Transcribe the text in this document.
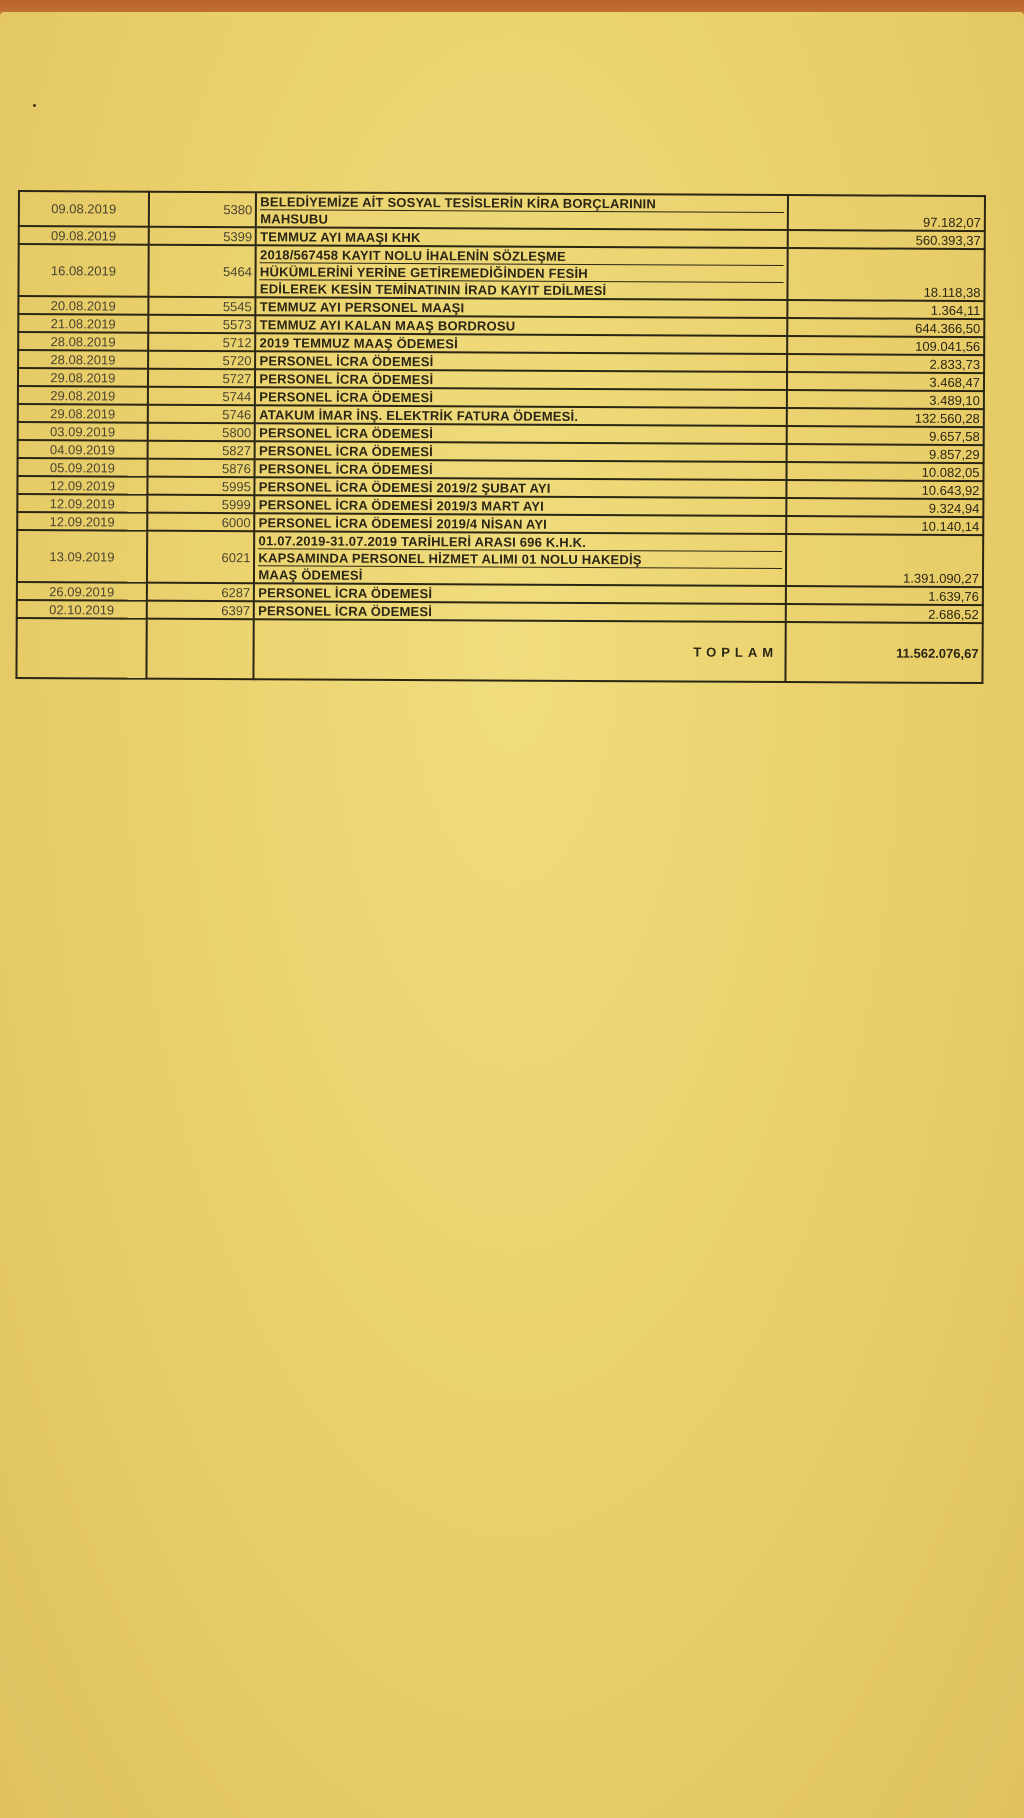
09.08.2019	5380	BELEDİYEMİZE AİT SOSYAL TESİSLERİN KİRA BORÇLARININ
MAHSUBU	97.182,07
09.08.2019	5399	TEMMUZ AYI MAAŞI KHK	560.393,37
16.08.2019	5464	2018/567458 KAYIT NOLU İHALENİN SÖZLEŞME
HÜKÜMLERİNİ YERİNE GETİREMEDİĞİNDEN FESİH
EDİLEREK KESİN TEMİNATININ İRAD KAYIT EDİLMESİ	18.118,38
20.08.2019	5545	TEMMUZ AYI PERSONEL MAAŞI	1.364,11
21.08.2019	5573	TEMMUZ AYI KALAN MAAŞ BORDROSU	644.366,50
28.08.2019	5712	2019 TEMMUZ MAAŞ ÖDEMESİ	109.041,56
28.08.2019	5720	PERSONEL İCRA ÖDEMESİ	2.833,73
29.08.2019	5727	PERSONEL İCRA ÖDEMESİ	3.468,47
29.08.2019	5744	PERSONEL İCRA ÖDEMESİ	3.489,10
29.08.2019	5746	ATAKUM İMAR İNŞ. ELEKTRİK FATURA ÖDEMESİ.	132.560,28
03.09.2019	5800	PERSONEL İCRA ÖDEMESİ	9.657,58
04.09.2019	5827	PERSONEL İCRA ÖDEMESİ	9.857,29
05.09.2019	5876	PERSONEL İCRA ÖDEMESİ	10.082,05
12.09.2019	5995	PERSONEL İCRA ÖDEMESİ 2019/2 ŞUBAT AYI	10.643,92
12.09.2019	5999	PERSONEL İCRA ÖDEMESİ 2019/3 MART AYI	9.324,94
12.09.2019	6000	PERSONEL İCRA ÖDEMESİ 2019/4 NİSAN AYI	10.140,14
13.09.2019	6021	01.07.2019-31.07.2019 TARİHLERİ ARASI 696 K.H.K.
KAPSAMINDA PERSONEL HİZMET ALIMI 01 NOLU HAKEDİŞ
MAAŞ ÖDEMESİ	1.391.090,27
26.09.2019	6287	PERSONEL İCRA ÖDEMESİ	1.639,76
02.10.2019	6397	PERSONEL İCRA ÖDEMESİ	2.686,52
		TOPLAM	11.562.076,67
